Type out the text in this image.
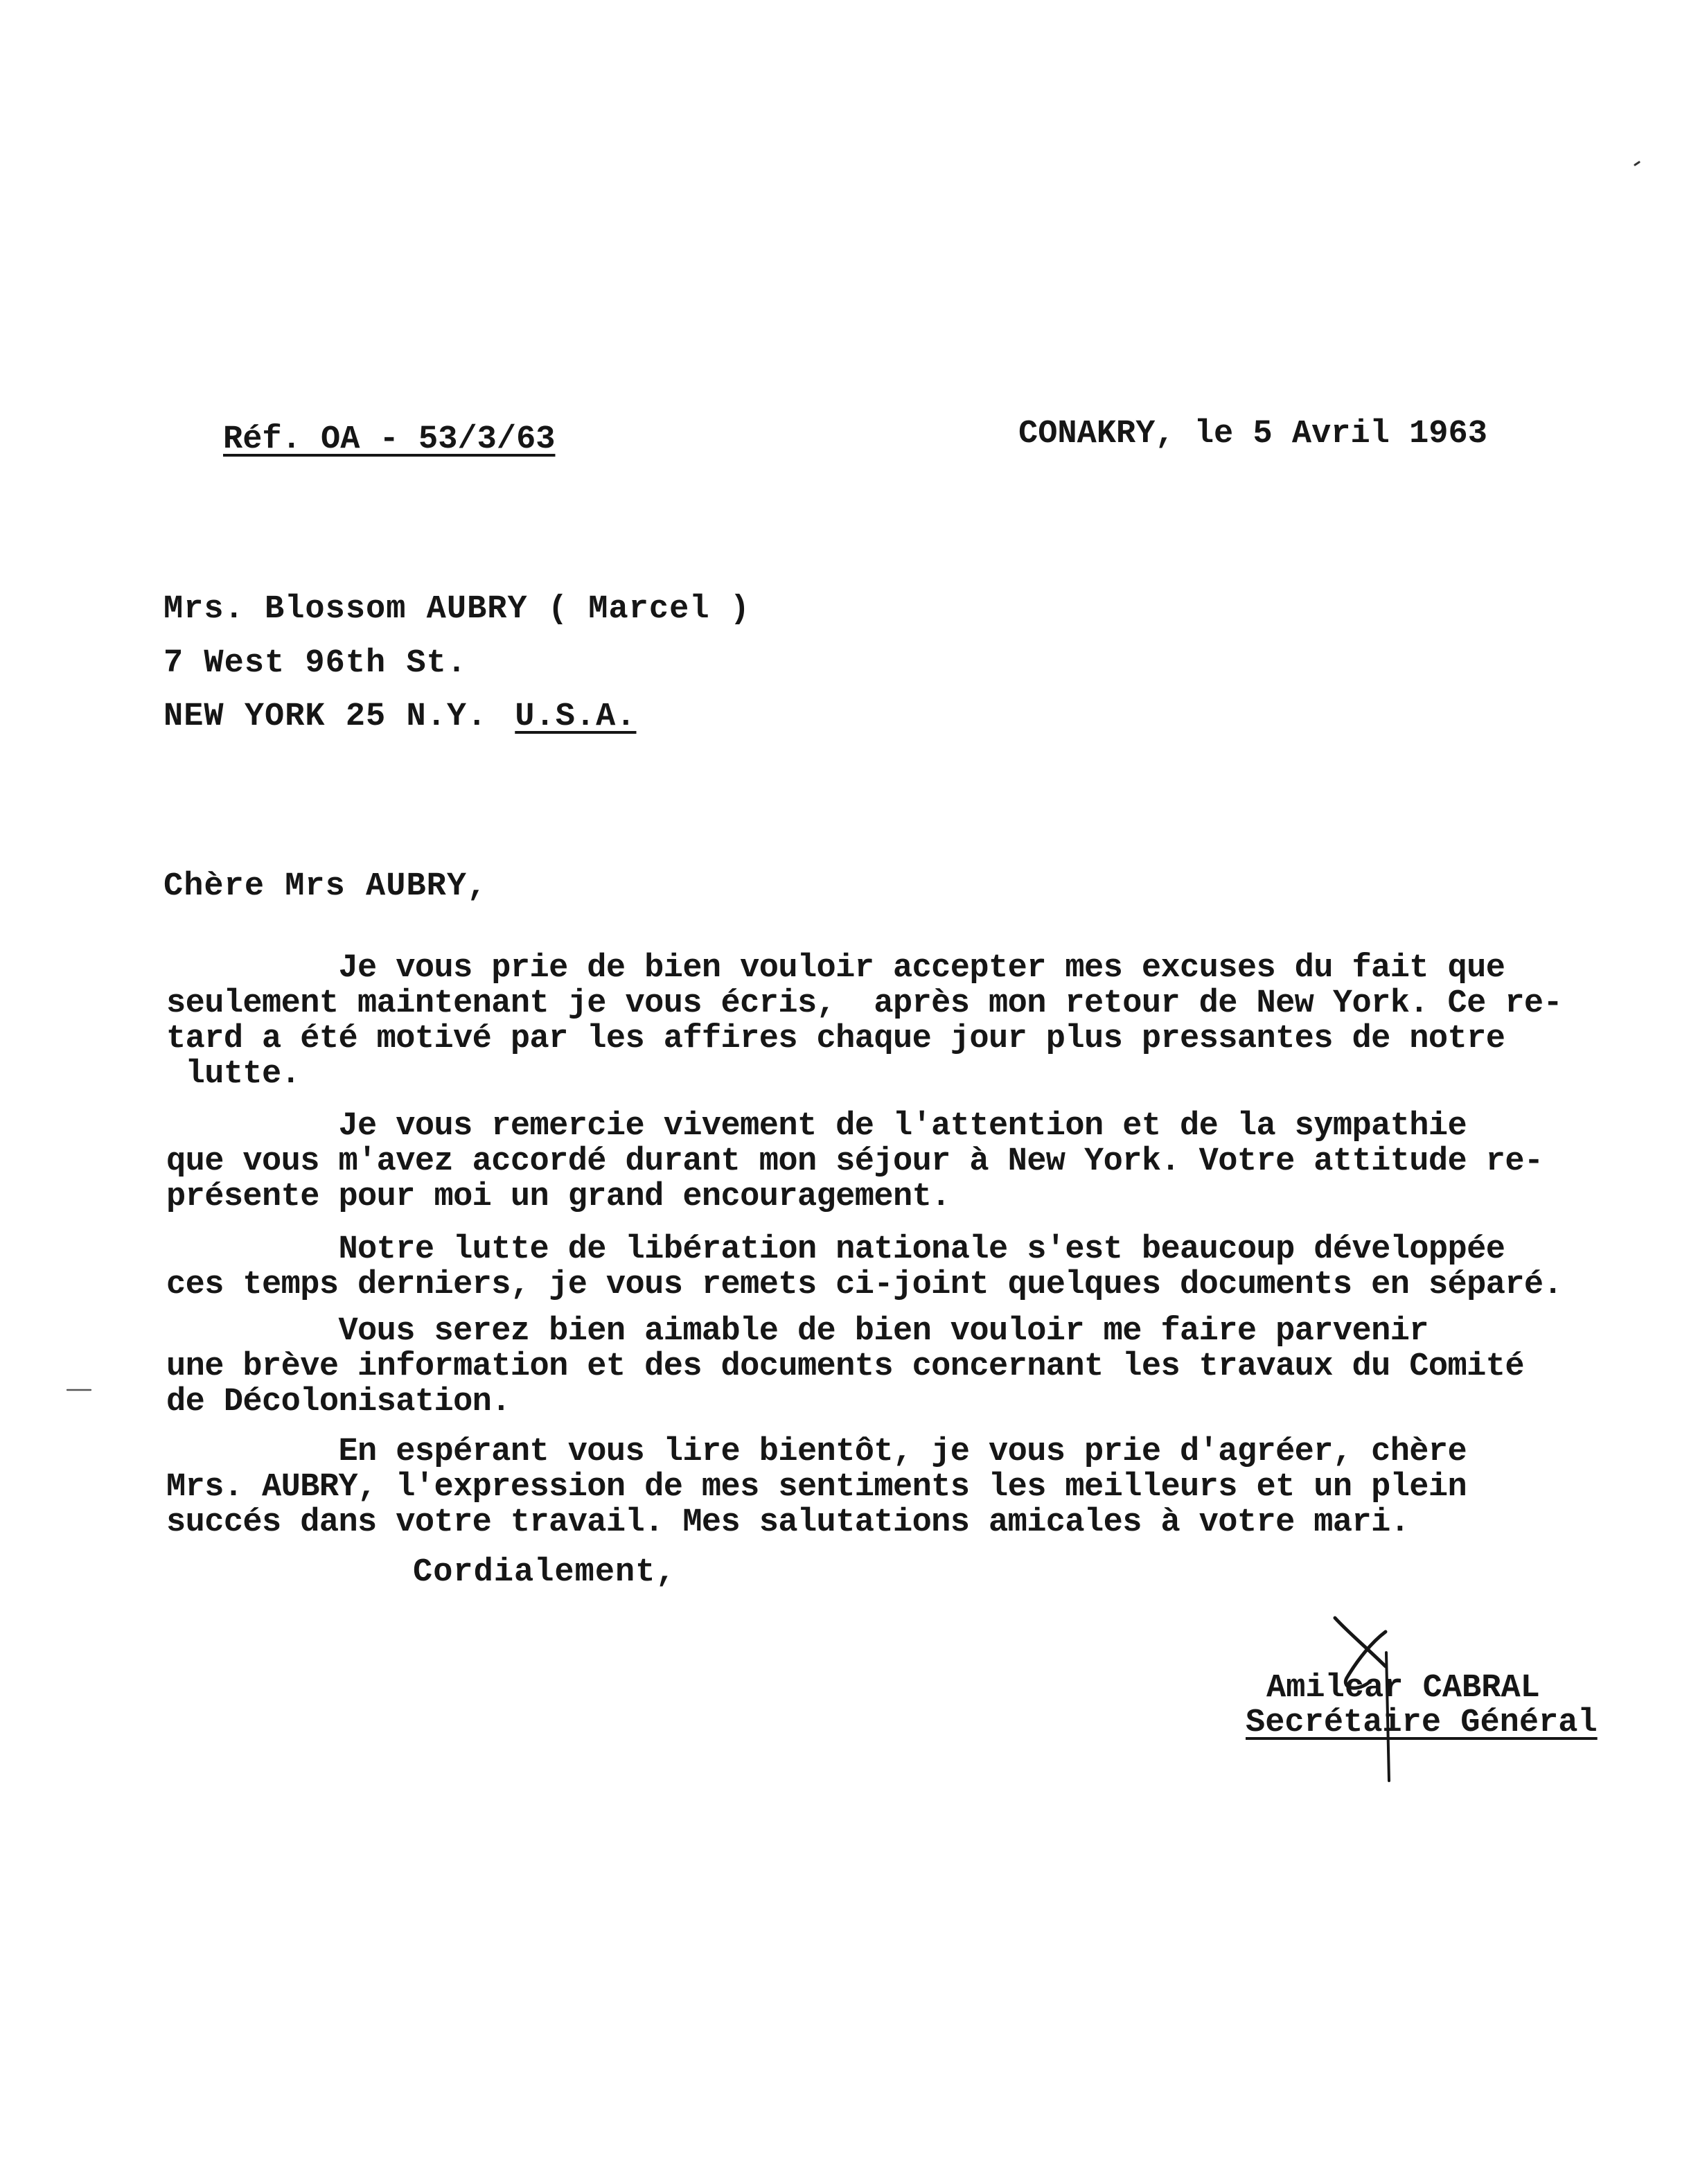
Réf. OA - 53/3/63	CONAKRY, le 5 Avril 1963

Mrs. Blossom AUBRY ( Marcel )

7 West 96th St.

NEW YORK 25 N.Y. U.S.A.

Chère Mrs AUBRY,

Je vous prie de bien vouloir accepter mes excuses du fait que
seulement maintenant je vous écris,  après mon retour de New York. Ce re-
tard a été motivé par les affires chaque jour plus pressantes de notre
lutte.

Je vous remercie vivement de l'attention et de la sympathie
que vous m'avez accordé durant mon séjour à New York. Votre attitude re-
présente pour moi un grand encouragement.

Notre lutte de libération nationale s'est beaucoup développée
ces temps derniers, je vous remets ci-joint quelques documents en séparé.

Vous serez bien aimable de bien vouloir me faire parvenir
une brève information et des documents concernant les travaux du Comité
de Décolonisation.

En espérant vous lire bientôt, je vous prie d'agréer, chère
Mrs. AUBRY, l'expression de mes sentiments les meilleurs et un plein
succés dans votre travail. Mes salutations amicales à votre mari.

Cordialement,

Amilcar CABRAL

Secrétaire Général
